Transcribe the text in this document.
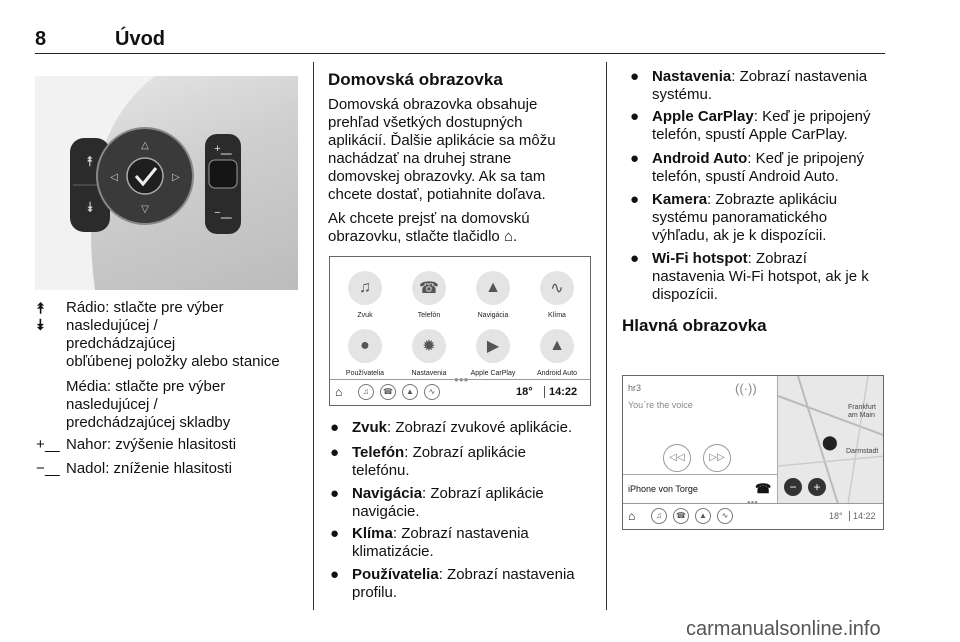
8	Úvod
⯭
⯯
△
▽
◁	▷
+⎽
−⎽
⯭
⯯
Rádio: stlačte pre výber
nasledujúcej /
predchádzajúcej
obľúbenej položky alebo stanice
Média: stlačte pre výber
nasledujúcej /
predchádzajúcej skladby
+⎽ Nahor: zvýšenie hlasitosti
−⎽ Nadol: zníženie hlasitosti
Domovská obrazovka
Domovská obrazovka obsahuje
prehľad všetkých dostupných
aplikácií. Ďalšie aplikácie sa môžu
nachádzať na druhej strane
domovskej obrazovky. Ak sa tam
chcete dostať, potiahnite doľava.
Ak chcete prejsť na domovskú
obrazovku, stlačte tlačidlo ⌂.
♫
Zvuk
☎
Telefón
▲
Navigácia
∿
Klíma
●
Používatelia
✹
Nastavenia
▶
Apple CarPlay
▲
Android Auto
●●●
⌂	♫	☎	▲	∿	18°	14:22
● Zvuk: Zobrazí zvukové aplikácie.
● Telefón: Zobrazí aplikácie
telefónu.
● Navigácia: Zobrazí aplikácie
navigácie.
● Klíma: Zobrazí nastavenia
klimatizácie.
● Používatelia: Zobrazí nastavenia
profilu.
● Nastavenia: Zobrazí nastavenia
systému.
● Apple CarPlay: Keď je pripojený
telefón, spustí Apple CarPlay.
● Android Auto: Keď je pripojený
telefón, spustí Android Auto.
● Kamera: Zobrazte aplikáciu
systému panoramatického
výhľadu, ak je k dispozícii.
● Wi-Fi hotspot: Zobrazí
nastavenia Wi-Fi hotspot, ak je k
dispozícii.
Hlavná obrazovka
hr3
You`re the voice
((·))
◁◁	▷▷
iPhone von Torge	☎
Frankfurt
am Main
Darmstadt
⬤
−	+
●●●
⌂	♫	☎	▲	∿	18°	14:22
carmanualsonline.info
